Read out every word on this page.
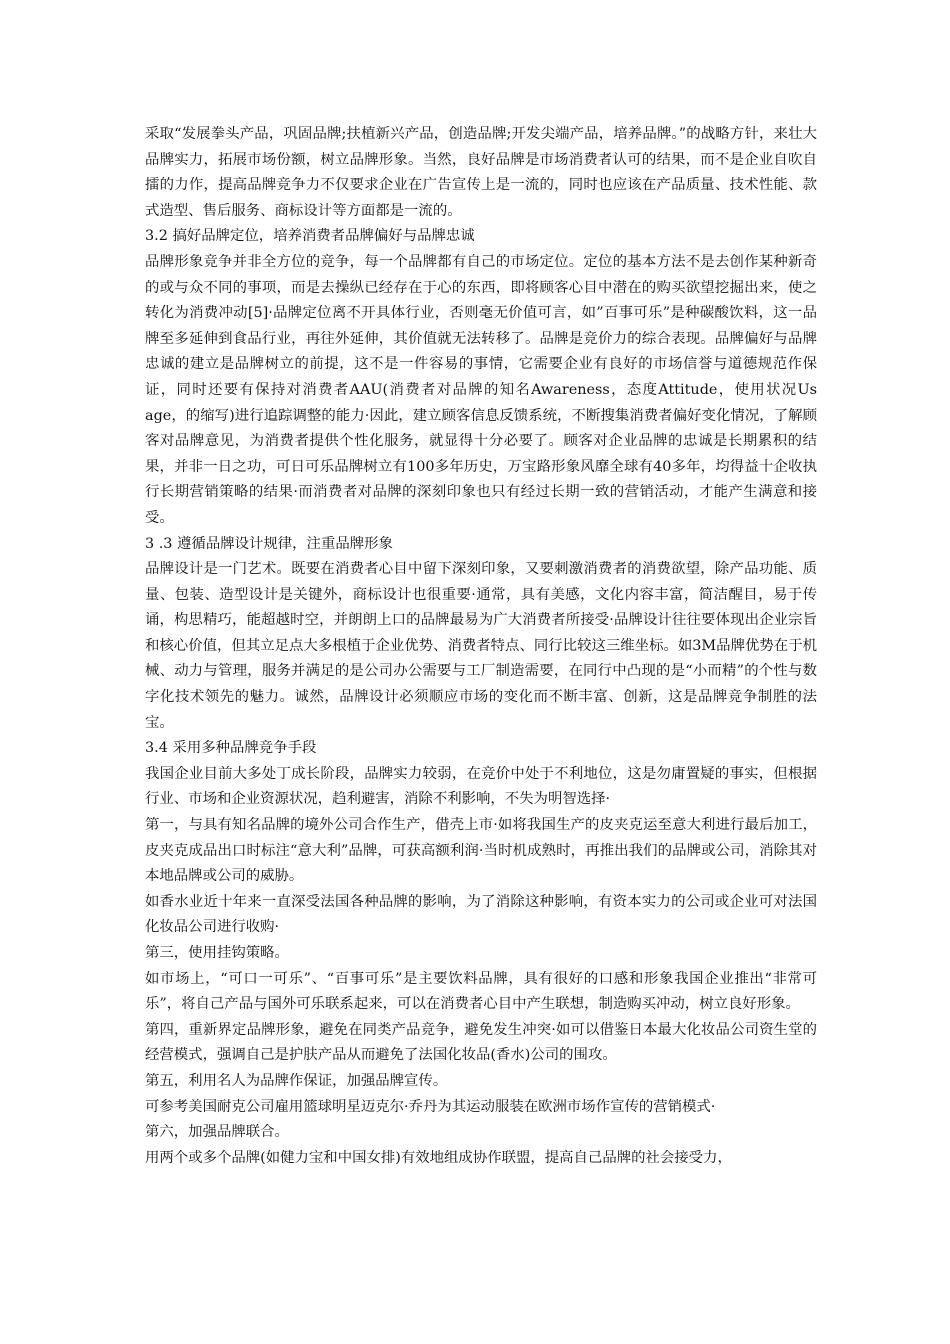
采取“发展拳头产品，巩固品牌;扶植新兴产品，创造品牌;开发尖端产品，培养品牌。”的战略方针，来壮大品牌实力，拓展市场份额，树立品牌形象。当然，良好品牌是市场消费者认可的结果，而不是企业自吹自擂的力作，提高品牌竞争力不仅要求企业在广告宣传上是一流的，同时也应该在产品质量、技术性能、款式造型、售后服务、商标设计等方面都是一流的。

3.2 搞好品牌定位，培养消费者品牌偏好与品牌忠诚

品牌形象竞争并非全方位的竞争，每一个品牌都有自己的市场定位。定位的基本方法不是去创作某种新奇的或与众不同的事项，而是去操纵已经存在于心的东西，即将顾客心目中潜在的购买欲望挖掘出来，使之转化为消费冲动[5]·品牌定位离不开具体行业，否则毫无价值可言，如”百事可乐”是种碳酸饮料，这一品牌至多延伸到食品行业，再往外延伸，其价值就无法转移了。品牌是竞价力的综合表现。品牌偏好与品牌忠诚的建立是品牌树立的前提，这不是一件容易的事情，它需要企业有良好的市场信誉与道德规范作保证，同时还要有保持对消费者AAU(消费者对品牌的知名Awareness，态度Attitude，使用状况Us age，的缩写)进行追踪调整的能力·因此，建立顾客信息反馈系统，不断搜集消费者偏好变化情况，了解顾客对品牌意见，为消费者提供个性化服务，就显得十分必要了。顾客对企业品牌的忠诚是长期累积的结果，并非一日之功，可日可乐品牌树立有100多年历史，万宝路形象风靡全球有40多年，均得益十企收执行长期营销策略的结果·而消费者对品牌的深刻印象也只有经过长期一致的营销活动，才能产生满意和接受。

3 .3 遵循品牌设计规律，注重品牌形象

品牌设计是一门艺术。既要在消费者心目中留下深刻印象，又要刺激消费者的消费欲望，除产品功能、质量、包装、造型设计是关键外，商标设计也很重要·通常，具有美感，文化内容丰富，简洁醒目，易于传诵，构思精巧，能超越时空，并朗朗上口的品牌最易为广大消费者所接受·品牌设计往往要体现出企业宗旨和核心价值，但其立足点大多根植于企业优势、消费者特点、同行比较这三维坐标。如3M品牌优势在于机械、动力与管理，服务并满足的是公司办公需要与工厂制造需要，在同行中凸现的是“小而精”的个性与数字化技术领先的魅力。诚然，品牌设计必须顺应市场的变化而不断丰富、创新，这是品牌竞争制胜的法宝。

3.4 采用多种品牌竞争手段

我国企业目前大多处丁成长阶段，品牌实力较弱，在竞价中处于不利地位，这是勿庸置疑的事实，但根据行业、市场和企业资源状况，趋利避害，消除不利影响，不失为明智选择·

第一，与具有知名品牌的境外公司合作生产，借壳上市·如将我国生产的皮夹克运至意大利进行最后加工，皮夹克成品出口时标注“意大利”品牌，可获高额利润·当时机成熟时，再推出我们的品牌或公司，消除其对本地品牌或公司的威胁。

如香水业近十年来一直深受法国各种品牌的影响，为了消除这种影响，有资本实力的公司或企业可对法国化妆品公司进行收购·

第三，使用挂钩策略。

如市场上，“可口一可乐”、“百事可乐”是主要饮料品牌，具有很好的口感和形象我国企业推出“非常可乐”，将自己产品与国外可乐联系起来，可以在消费者心目中产生联想，制造购买冲动，树立良好形象。

第四，重新界定品牌形象，避免在同类产品竞争，避免发生冲突·如可以借鉴日本最大化妆品公司资生堂的经营模式，强调自己是护肤产品从而避免了法国化妆品(香水)公司的围攻。

第五，利用名人为品牌作保证，加强品牌宣传。

可参考美国耐克公司雇用篮球明星迈克尔·乔丹为其运动服装在欧洲市场作宣传的营销模式·

第六，加强品牌联合。

用两个或多个品牌(如健力宝和中国女排)有效地组成协作联盟，提高自己品牌的社会接受力，
